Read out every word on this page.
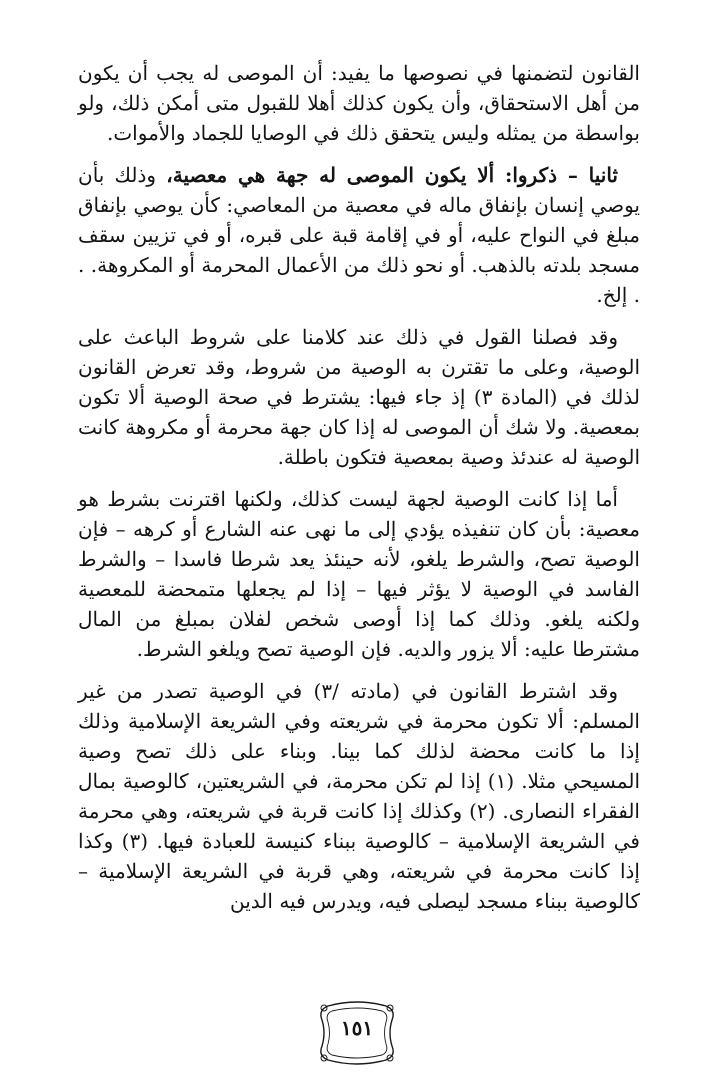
القانون لتضمنها في نصوصها ما يفيد: أن الموصى له يجب أن يكون من أهل الاستحقاق، وأن يكون كذلك أهلا للقبول متى أمكن ذلك، ولو بواسطة من يمثله وليس يتحقق ذلك في الوصايا للجماد والأموات.

ثانيا – ذكروا: ألا يكون الموصى له جهة هي معصية، وذلك بأن يوصي إنسان بإنفاق ماله في معصية من المعاصي: كأن يوصي بإنفاق مبلغ في النواح عليه، أو في إقامة قبة على قبره، أو في تزيين سقف مسجد بلدته بالذهب. أو نحو ذلك من الأعمال المحرمة أو المكروهة. . . إلخ.

وقد فصلنا القول في ذلك عند كلامنا على شروط الباعث على الوصية، وعلى ما تقترن به الوصية من شروط، وقد تعرض القانون لذلك في (المادة ٣) إذ جاء فيها: يشترط في صحة الوصية ألا تكون بمعصية. ولا شك أن الموصى له إذا كان جهة محرمة أو مكروهة كانت الوصية له عندئذ وصية بمعصية فتكون باطلة.

أما إذا كانت الوصية لجهة ليست كذلك، ولكنها اقترنت بشرط هو معصية: بأن كان تنفيذه يؤدي إلى ما نهى عنه الشارع أو كرهه – فإن الوصية تصح، والشرط يلغو، لأنه حينئذ يعد شرطا فاسدا – والشرط الفاسد في الوصية لا يؤثر فيها – إذا لم يجعلها متمحضة للمعصية ولكنه يلغو. وذلك كما إذا أوصى شخص لفلان بمبلغ من المال مشترطا عليه: ألا يزور والديه. فإن الوصية تصح ويلغو الشرط.

وقد اشترط القانون في (مادته /٣) في الوصية تصدر من غير المسلم: ألا تكون محرمة في شريعته وفي الشريعة الإسلامية وذلك إذا ما كانت محضة لذلك كما بينا. وبناء على ذلك تصح وصية المسيحي مثلا. (١) إذا لم تكن محرمة، في الشريعتين، كالوصية بمال الفقراء النصارى. (٢) وكذلك إذا كانت قربة في شريعته، وهي محرمة في الشريعة الإسلامية – كالوصية ببناء كنيسة للعبادة فيها. (٣) وكذا إذا كانت محرمة في شريعته، وهي قربة في الشريعة الإسلامية – كالوصية ببناء مسجد ليصلى فيه، ويدرس فيه الدين

١٥١
